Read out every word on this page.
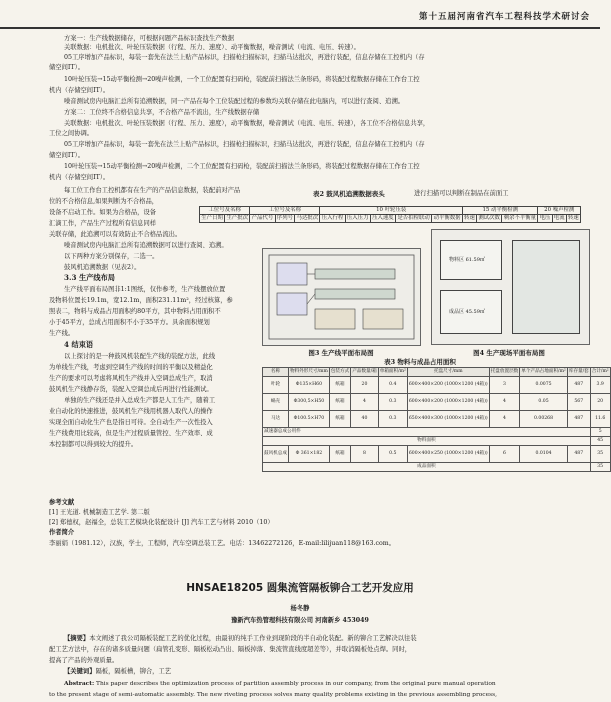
第十五届河南省汽车工程科技学术研讨会
方案一：生产线数据储存，可根据问题产品标识查找生产数据
关联数据：电机批次、叶轮压装数据（行程、压力、速度）、动平衡数据，噪音测试（电流、电压、转速）。
05工序增加产品标识，每装一套先在法兰上贴产品标识，扫描枪扫描标识，扫描马达批次，再进行装配，信息存储在工控机内（存
储空间IT）。
10叶轮压装→15动平衡检测→20噪声检测，一个工位配置有扫码枪，装配前扫描法兰条形码，将装配过程数据存储在工作台工控
机内（存储空间IT）。
噪音测试房内电脑汇总所有追溯数据，同一产品在每个工位装配过程的参数均关联存储在此电脑内，可以进行查阅、追溯。
方案二：工位终不合格信息共享，不合格产品不流出，生产线数据存储
关联数据：电机批次、叶轮压装数据（行程、压力、速度），动平衡数据，噪音测试（电流、电压、转速），各工位不合格信息共享，
工位之间协调。
05工序增加产品标识，每装一套先在法兰上贴产品标识，扫描枪扫描标识，扫描马达批次，再进行装配，信息存储在工控机内（存
储空间IT）。
10叶轮压装→15动平衡检测→20噪声检测，二个工位配置有扫码枪，装配前扫描法兰条形码，将装配过程数据存储在工作台工控
机内（存储空间IT）。
每工位工作台工控机都有在生产的产品信息数据，装配前对产品
位的不合格信息,如果判断为不合格品，
设备不启动工作。如果为合格品，设备
汇滴工作，产品生产过程所有信息同样
关联存储，此追溯可以有效防止不合格品流出。
噪音测试房内电脑汇总所有追溯数据可以进行查阅、追溯。
以下两种方案分别保存，二选一。
鼓风机追溯数据（见表2）。
表2 鼓风机追溯数据表头	进行扫描可以判断在制品在前面工
工位号及名称		工位号及名称			10 叶轮压装					15 动平衡检测			20 噪声检测		
生产日期	生产批次	产品代号	序列号	马达批次	压入行程	压入压力	压入速度	是否拍检联动	动平衡数据	转速	测试次数	剩余不平衡量	电压	电流	转速
图3 生产线平面布局图
物料区 61.59㎡
成品区 45.59㎡
图4 生产现场平面布局图
3.3 生产线布局
生产线平面布局图非1:1图纸，仅作参考，生产线摆放位置
及物料位置长19.1m，宽12.1m，面积231.11m²，经过核算，参
照表二，物料与成品占用面积约80平方，其中物料占用面积不
小于45平方，总成占用面积不小于35平方。具余面积规划
生产线。
4 结束语
以上探讨的是一种鼓风机装配生产线的装配方法，此线
为单线生产线，考虑到空调生产线的时间的平衡以及精益化
生产的要求可以考虑将风机生产线并入空调总成生产，取消
鼓风机生产线静存货，装配入空调总成后再进行性能测试。
单独的生产线还是并入总成生产都是人工生产，随着工
业自动化的快速推进，鼓风机生产线用机器人取代人的操作
实现全面自动化生产也是指日可待。全自动生产一次性投入
生产线费用比较高，但是生产过程质量管控、生产效率、成
本控制都可以得到较大的提升。
表3 物料与成品占用面积
名称	物料外形尺寸/mm	包装方式	产品数量/箱	单箱面积/m²	托盘尺寸/mm	托盘放置层数	单个产品占地面积/m²	库存量/套	合计/m²
叶轮	Φ135×H60	纸箱	20	0.4	600×400×200 (1000×1200 (4箱))	3	0.0075	487	3.9
蜗壳	Φ300,5×H50	纸箱	4	0.3	600×400×200 (1000×1200 (4箱))	4	0.05	567	20
马达	Φ100.5×H70	纸箱	40	0.3	650×400×300 (1000×1200 (4箱))	4	0.00268	487	11.6
减速器总成公用件									5
物料面积									45
鼓风机总成	Φ 361×182	纸箱	8	0.5	600×400×250 (1000×1200 (4箱))	6	0.0104	487	35
成品面积									35
参考文献
[1] 王光道. 机械制造工艺学. 第二版
[2] 郑德权，赵福全，总装工艺模块化装配设计 [J] 汽车工艺与材料 2010（10）
作者简介
李丽娟（1981.12），汉族，学士，工程师，汽车空调总装工艺。电话：13462272126，E-mail:lilijuan118@163.com。
HNSAE18205 圆集流管隔板铆合工艺开发应用
杨冬静
豫新汽车热管理科技有限公司 河南新乡 453049
【摘要】本文阐述了我公司隔板装配工艺的优化过程，由最初的纯手工作业到现阶段的半自动化装配。新的铆合工艺解决以往装
配工艺方法中，存在的诸多质量问题（扁管孔变形、隔板松动凸出、隔板掉落、集流管直线度超差等），并取消隔板处点焊。同时，
提高了产品的外观质量。
【关键词】隔板，隔板槽，铆合，工艺
Abstract: This paper describes the optimization process of partition assembly process in our company, from the original pure manual operation
to the present stage of semi-automatic assembly. The new riveting process solves many quality problems existing in the previous assembling process,
